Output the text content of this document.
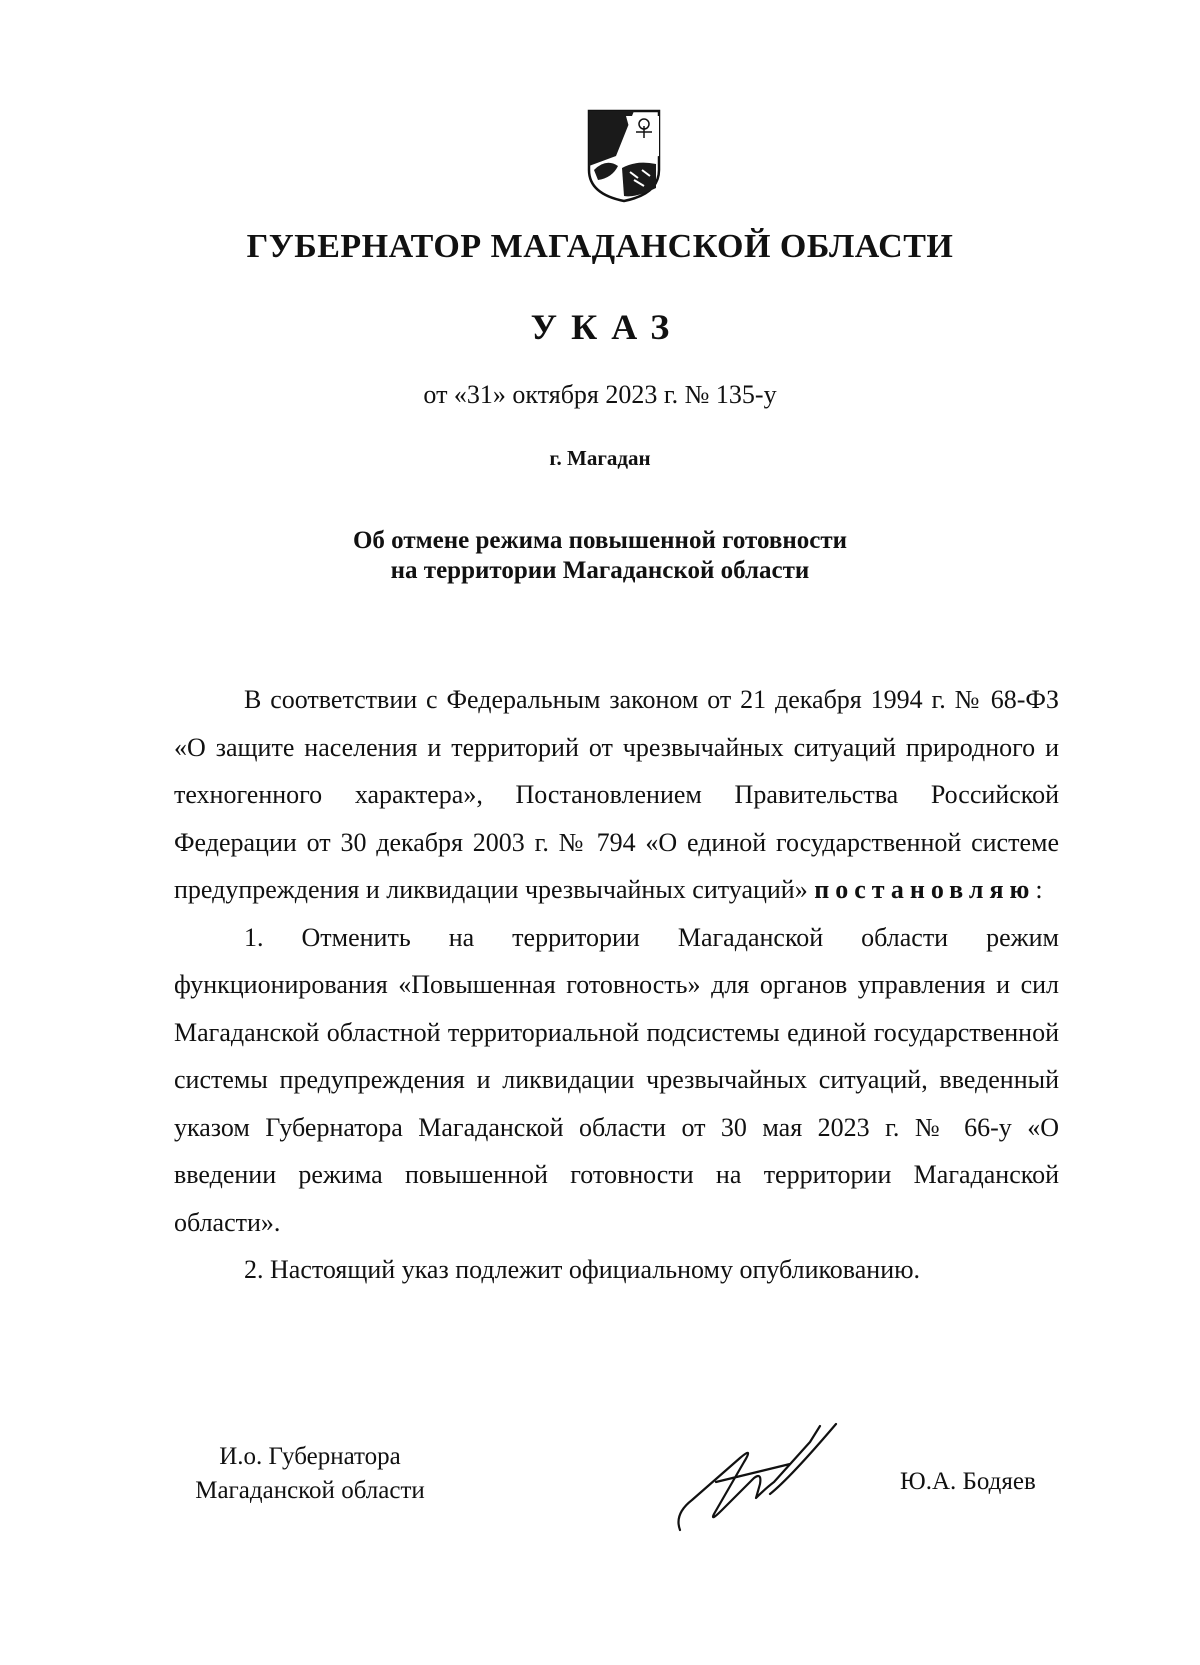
ГУБЕРНАТОР МАГАДАНСКОЙ ОБЛАСТИ
УКАЗ
от «31» октября 2023 г. № 135-у
г. Магадан
Об отмене режима повышенной готовности
на территории Магаданской области

В соответствии с Федеральным законом от 21 декабря 1994 г. № 68-ФЗ «О защите населения и территорий от чрезвычайных ситуаций природного и техногенного характера», Постановлением Правительства Российской Федерации от 30 декабря 2003 г. № 794 «О единой государственной системе предупреждения и ликвидации чрезвычайных ситуаций» постановляю:

1. Отменить на территории Магаданской области режим функционирования «Повышенная готовность» для органов управления и сил Магаданской областной территориальной подсистемы единой государственной системы предупреждения и ликвидации чрезвычайных ситуаций, введенный указом Губернатора Магаданской области от 30 мая 2023 г. № 66-у «О введении режима повышенной готовности на территории Магаданской области».

2. Настоящий указ подлежит официальному опубликованию.

И.о. Губернатора
Магаданской области	Ю.А. Бодяев
